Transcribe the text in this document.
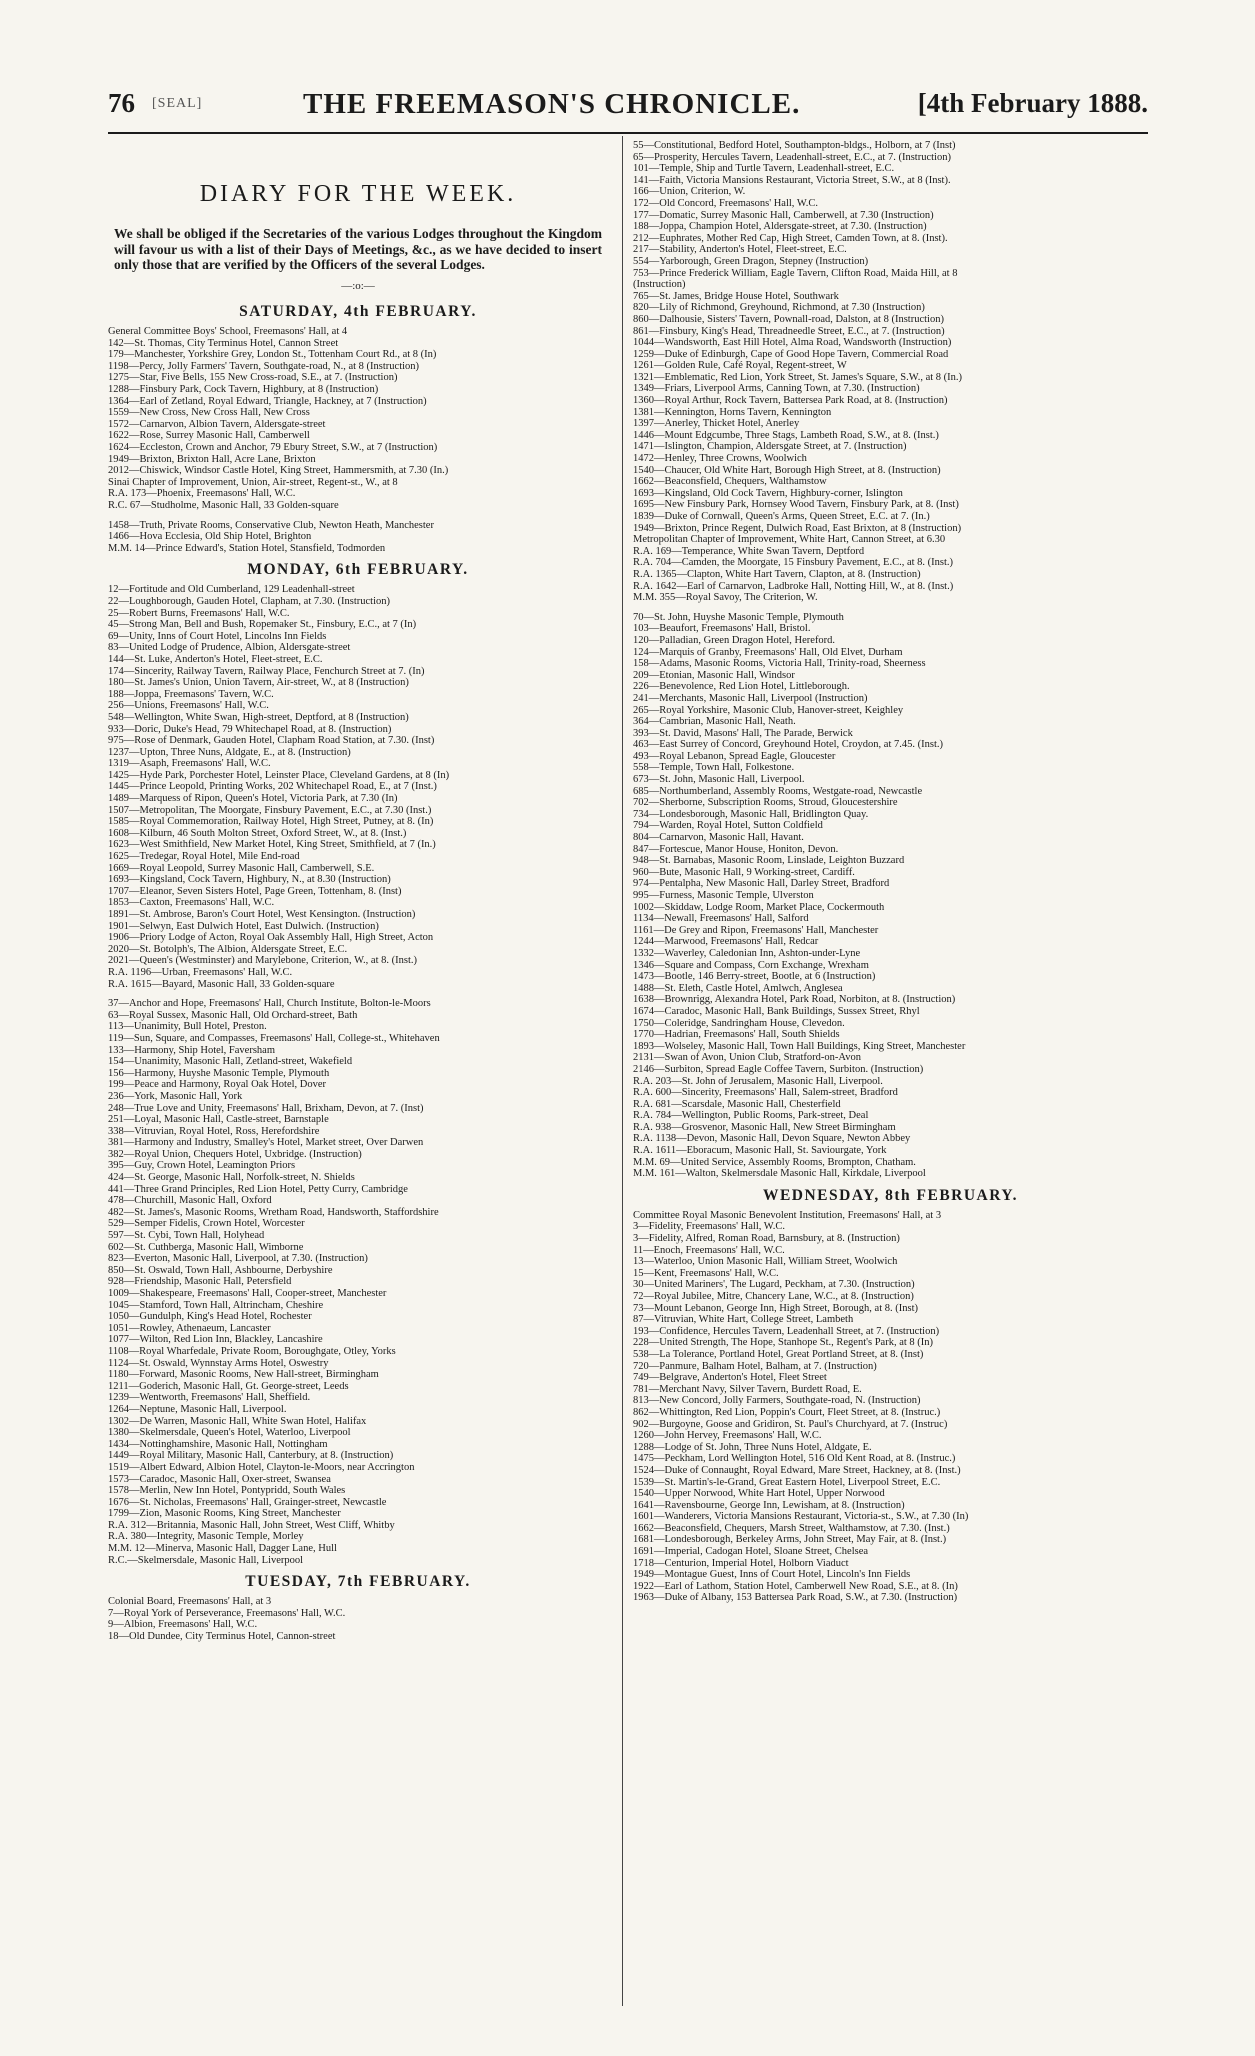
76 [SEAL]	THE FREEMASON'S CHRONICLE.	[4th February 1888.
DIARY FOR THE WEEK.
We shall be obliged if the Secretaries of the various Lodges throughout the Kingdom will favour us with a list of their Days of Meetings, &c., as we have decided to insert only those that are verified by the Officers of the several Lodges.
—:o:—
SATURDAY, 4th FEBRUARY.
General Committee Boys' School, Freemasons' Hall, at 4
142—St. Thomas, City Terminus Hotel, Cannon Street
179—Manchester, Yorkshire Grey, London St., Tottenham Court Rd., at 8 (In)
1198—Percy, Jolly Farmers' Tavern, Southgate-road, N., at 8 (Instruction)
1275—Star, Five Bells, 155 New Cross-road, S.E., at 7. (Instruction)
1288—Finsbury Park, Cock Tavern, Highbury, at 8 (Instruction)
1364—Earl of Zetland, Royal Edward, Triangle, Hackney, at 7 (Instruction)
1559—New Cross, New Cross Hall, New Cross
1572—Carnarvon, Albion Tavern, Aldersgate-street
1622—Rose, Surrey Masonic Hall, Camberwell
1624—Eccleston, Crown and Anchor, 79 Ebury Street, S.W., at 7 (Instruction)
1949—Brixton, Brixton Hall, Acre Lane, Brixton
2012—Chiswick, Windsor Castle Hotel, King Street, Hammersmith, at 7.30 (In.)
Sinai Chapter of Improvement, Union, Air-street, Regent-st., W., at 8
R.A. 173—Phoenix, Freemasons' Hall, W.C.
R.C. 67—Studholme, Masonic Hall, 33 Golden-square
1458—Truth, Private Rooms, Conservative Club, Newton Heath, Manchester
1466—Hova Ecclesia, Old Ship Hotel, Brighton
M.M. 14—Prince Edward's, Station Hotel, Stansfield, Todmorden
MONDAY, 6th FEBRUARY.
12—Fortitude and Old Cumberland, 129 Leadenhall-street
22—Loughborough, Gauden Hotel, Clapham, at 7.30. (Instruction)
25—Robert Burns, Freemasons' Hall, W.C.
45—Strong Man, Bell and Bush, Ropemaker St., Finsbury, E.C., at 7 (In)
69—Unity, Inns of Court Hotel, Lincolns Inn Fields
83—United Lodge of Prudence, Albion, Aldersgate-street
144—St. Luke, Anderton's Hotel, Fleet-street, E.C.
174—Sincerity, Railway Tavern, Railway Place, Fenchurch Street at 7. (In)
180—St. James's Union, Union Tavern, Air-street, W., at 8 (Instruction)
188—Joppa, Freemasons' Tavern, W.C.
256—Unions, Freemasons' Hall, W.C.
548—Wellington, White Swan, High-street, Deptford, at 8 (Instruction)
933—Doric, Duke's Head, 79 Whitechapel Road, at 8. (Instruction)
975—Rose of Denmark, Gauden Hotel, Clapham Road Station, at 7.30. (Inst)
1237—Upton, Three Nuns, Aldgate, E., at 8. (Instruction)
1319—Asaph, Freemasons' Hall, W.C.
1425—Hyde Park, Porchester Hotel, Leinster Place, Cleveland Gardens, at 8 (In)
1445—Prince Leopold, Printing Works, 202 Whitechapel Road, E., at 7 (Inst.)
1489—Marquess of Ripon, Queen's Hotel, Victoria Park, at 7.30 (In)
1507—Metropolitan, The Moorgate, Finsbury Pavement, E.C., at 7.30 (Inst.)
1585—Royal Commemoration, Railway Hotel, High Street, Putney, at 8. (In)
1608—Kilburn, 46 South Molton Street, Oxford Street, W., at 8. (Inst.)
1623—West Smithfield, New Market Hotel, King Street, Smithfield, at 7 (In.)
1625—Tredegar, Royal Hotel, Mile End-road
1669—Royal Leopold, Surrey Masonic Hall, Camberwell, S.E.
1693—Kingsland, Cock Tavern, Highbury, N., at 8.30 (Instruction)
1707—Eleanor, Seven Sisters Hotel, Page Green, Tottenham, 8. (Inst)
1853—Caxton, Freemasons' Hall, W.C.
1891—St. Ambrose, Baron's Court Hotel, West Kensington. (Instruction)
1901—Selwyn, East Dulwich Hotel, East Dulwich. (Instruction)
1906—Priory Lodge of Acton, Royal Oak Assembly Hall, High Street, Acton
2020—St. Botolph's, The Albion, Aldersgate Street, E.C.
2021—Queen's (Westminster) and Marylebone, Criterion, W., at 8. (Inst.)
R.A. 1196—Urban, Freemasons' Hall, W.C.
R.A. 1615—Bayard, Masonic Hall, 33 Golden-square
37—Anchor and Hope, Freemasons' Hall, Church Institute, Bolton-le-Moors
63—Royal Sussex, Masonic Hall, Old Orchard-street, Bath
113—Unanimity, Bull Hotel, Preston.
119—Sun, Square, and Compasses, Freemasons' Hall, College-st., Whitehaven
133—Harmony, Ship Hotel, Faversham
154—Unanimity, Masonic Hall, Zetland-street, Wakefield
156—Harmony, Huyshe Masonic Temple, Plymouth
199—Peace and Harmony, Royal Oak Hotel, Dover
236—York, Masonic Hall, York
248—True Love and Unity, Freemasons' Hall, Brixham, Devon, at 7. (Inst)
251—Loyal, Masonic Hall, Castle-street, Barnstaple
338—Vitruvian, Royal Hotel, Ross, Herefordshire
381—Harmony and Industry, Smalley's Hotel, Market street, Over Darwen
382—Royal Union, Chequers Hotel, Uxbridge. (Instruction)
395—Guy, Crown Hotel, Leamington Priors
424—St. George, Masonic Hall, Norfolk-street, N. Shields
441—Three Grand Principles, Red Lion Hotel, Petty Curry, Cambridge
478—Churchill, Masonic Hall, Oxford
482—St. James's, Masonic Rooms, Wretham Road, Handsworth, Staffordshire
529—Semper Fidelis, Crown Hotel, Worcester
597—St. Cybi, Town Hall, Holyhead
602—St. Cuthberga, Masonic Hall, Wimborne
823—Everton, Masonic Hall, Liverpool, at 7.30. (Instruction)
850—St. Oswald, Town Hall, Ashbourne, Derbyshire
928—Friendship, Masonic Hall, Petersfield
1009—Shakespeare, Freemasons' Hall, Cooper-street, Manchester
1045—Stamford, Town Hall, Altrincham, Cheshire
1050—Gundulph, King's Head Hotel, Rochester
1051—Rowley, Athenaeum, Lancaster
1077—Wilton, Red Lion Inn, Blackley, Lancashire
1108—Royal Wharfedale, Private Room, Boroughgate, Otley, Yorks
1124—St. Oswald, Wynnstay Arms Hotel, Oswestry
1180—Forward, Masonic Rooms, New Hall-street, Birmingham
1211—Goderich, Masonic Hall, Gt. George-street, Leeds
1239—Wentworth, Freemasons' Hall, Sheffield.
1264—Neptune, Masonic Hall, Liverpool.
1302—De Warren, Masonic Hall, White Swan Hotel, Halifax
1380—Skelmersdale, Queen's Hotel, Waterloo, Liverpool
1434—Nottinghamshire, Masonic Hall, Nottingham
1449—Royal Military, Masonic Hall, Canterbury, at 8. (Instruction)
1519—Albert Edward, Albion Hotel, Clayton-le-Moors, near Accrington
1573—Caradoc, Masonic Hall, Oxer-street, Swansea
1578—Merlin, New Inn Hotel, Pontypridd, South Wales
1676—St. Nicholas, Freemasons' Hall, Grainger-street, Newcastle
1799—Zion, Masonic Rooms, King Street, Manchester
R.A. 312—Britannia, Masonic Hall, John Street, West Cliff, Whitby
R.A. 380—Integrity, Masonic Temple, Morley
M.M. 12—Minerva, Masonic Hall, Dagger Lane, Hull
R.C.—Skelmersdale, Masonic Hall, Liverpool
TUESDAY, 7th FEBRUARY.
Colonial Board, Freemasons' Hall, at 3
7—Royal York of Perseverance, Freemasons' Hall, W.C.
9—Albion, Freemasons' Hall, W.C.
18—Old Dundee, City Terminus Hotel, Cannon-street
55—Constitutional, Bedford Hotel, Southampton-bldgs., Holborn, at 7 (Inst)
65—Prosperity, Hercules Tavern, Leadenhall-street, E.C., at 7. (Instruction)
101—Temple, Ship and Turtle Tavern, Leadenhall-street, E.C.
141—Faith, Victoria Mansions Restaurant, Victoria Street, S.W., at 8 (Inst).
166—Union, Criterion, W.
172—Old Concord, Freemasons' Hall, W.C.
177—Domatic, Surrey Masonic Hall, Camberwell, at 7.30 (Instruction)
188—Joppa, Champion Hotel, Aldersgate-street, at 7.30. (Instruction)
212—Euphrates, Mother Red Cap, High Street, Camden Town, at 8. (Inst).
217—Stability, Anderton's Hotel, Fleet-street, E.C.
554—Yarborough, Green Dragon, Stepney (Instruction)
753—Prince Frederick William, Eagle Tavern, Clifton Road, Maida Hill, at 8
(Instruction)
765—St. James, Bridge House Hotel, Southwark
820—Lily of Richmond, Greyhound, Richmond, at 7.30 (Instruction)
860—Dalhousie, Sisters' Tavern, Pownall-road, Dalston, at 8 (Instruction)
861—Finsbury, King's Head, Threadneedle Street, E.C., at 7. (Instruction)
1044—Wandsworth, East Hill Hotel, Alma Road, Wandsworth (Instruction)
1259—Duke of Edinburgh, Cape of Good Hope Tavern, Commercial Road
1261—Golden Rule, Café Royal, Regent-street, W
1321—Emblematic, Red Lion, York Street, St. James's Square, S.W., at 8 (In.)
1349—Friars, Liverpool Arms, Canning Town, at 7.30. (Instruction)
1360—Royal Arthur, Rock Tavern, Battersea Park Road, at 8. (Instruction)
1381—Kennington, Horns Tavern, Kennington
1397—Anerley, Thicket Hotel, Anerley
1446—Mount Edgcumbe, Three Stags, Lambeth Road, S.W., at 8. (Inst.)
1471—Islington, Champion, Aldersgate Street, at 7. (Instruction)
1472—Henley, Three Crowns, Woolwich
1540—Chaucer, Old White Hart, Borough High Street, at 8. (Instruction)
1662—Beaconsfield, Chequers, Walthamstow
1693—Kingsland, Old Cock Tavern, Highbury-corner, Islington
1695—New Finsbury Park, Hornsey Wood Tavern, Finsbury Park, at 8. (Inst)
1839—Duke of Cornwall, Queen's Arms, Queen Street, E.C. at 7. (In.)
1949—Brixton, Prince Regent, Dulwich Road, East Brixton, at 8 (Instruction)
Metropolitan Chapter of Improvement, White Hart, Cannon Street, at 6.30
R.A. 169—Temperance, White Swan Tavern, Deptford
R.A. 704—Camden, the Moorgate, 15 Finsbury Pavement, E.C., at 8. (Inst.)
R.A. 1365—Clapton, White Hart Tavern, Clapton, at 8. (Instruction)
R.A. 1642—Earl of Carnarvon, Ladbroke Hall, Notting Hill, W., at 8. (Inst.)
M.M. 355—Royal Savoy, The Criterion, W.
70—St. John, Huyshe Masonic Temple, Plymouth
103—Beaufort, Freemasons' Hall, Bristol.
120—Palladian, Green Dragon Hotel, Hereford.
124—Marquis of Granby, Freemasons' Hall, Old Elvet, Durham
158—Adams, Masonic Rooms, Victoria Hall, Trinity-road, Sheerness
209—Etonian, Masonic Hall, Windsor
226—Benevolence, Red Lion Hotel, Littleborough.
241—Merchants, Masonic Hall, Liverpool (Instruction)
265—Royal Yorkshire, Masonic Club, Hanover-street, Keighley
364—Cambrian, Masonic Hall, Neath.
393—St. David, Masons' Hall, The Parade, Berwick
463—East Surrey of Concord, Greyhound Hotel, Croydon, at 7.45. (Inst.)
493—Royal Lebanon, Spread Eagle, Gloucester
558—Temple, Town Hall, Folkestone.
673—St. John, Masonic Hall, Liverpool.
685—Northumberland, Assembly Rooms, Westgate-road, Newcastle
702—Sherborne, Subscription Rooms, Stroud, Gloucestershire
734—Londesborough, Masonic Hall, Bridlington Quay.
794—Warden, Royal Hotel, Sutton Coldfield
804—Carnarvon, Masonic Hall, Havant.
847—Fortescue, Manor House, Honiton, Devon.
948—St. Barnabas, Masonic Room, Linslade, Leighton Buzzard
960—Bute, Masonic Hall, 9 Working-street, Cardiff.
974—Pentalpha, New Masonic Hall, Darley Street, Bradford
995—Furness, Masonic Temple, Ulverston
1002—Skiddaw, Lodge Room, Market Place, Cockermouth
1134—Newall, Freemasons' Hall, Salford
1161—De Grey and Ripon, Freemasons' Hall, Manchester
1244—Marwood, Freemasons' Hall, Redcar
1332—Waverley, Caledonian Inn, Ashton-under-Lyne
1346—Square and Compass, Corn Exchange, Wrexham
1473—Bootle, 146 Berry-street, Bootle, at 6 (Instruction)
1488—St. Eleth, Castle Hotel, Amlwch, Anglesea
1638—Brownrigg, Alexandra Hotel, Park Road, Norbiton, at 8. (Instruction)
1674—Caradoc, Masonic Hall, Bank Buildings, Sussex Street, Rhyl
1750—Coleridge, Sandringham House, Clevedon.
1770—Hadrian, Freemasons' Hall, South Shields
1893—Wolseley, Masonic Hall, Town Hall Buildings, King Street, Manchester
2131—Swan of Avon, Union Club, Stratford-on-Avon
2146—Surbiton, Spread Eagle Coffee Tavern, Surbiton. (Instruction)
R.A. 203—St. John of Jerusalem, Masonic Hall, Liverpool.
R.A. 600—Sincerity, Freemasons' Hall, Salem-street, Bradford
R.A. 681—Scarsdale, Masonic Hall, Chesterfield
R.A. 784—Wellington, Public Rooms, Park-street, Deal
R.A. 938—Grosvenor, Masonic Hall, New Street Birmingham
R.A. 1138—Devon, Masonic Hall, Devon Square, Newton Abbey
R.A. 1611—Eboracum, Masonic Hall, St. Saviourgate, York
M.M. 69—United Service, Assembly Rooms, Brompton, Chatham.
M.M. 161—Walton, Skelmersdale Masonic Hall, Kirkdale, Liverpool
WEDNESDAY, 8th FEBRUARY.
Committee Royal Masonic Benevolent Institution, Freemasons' Hall, at 3
3—Fidelity, Freemasons' Hall, W.C.
3—Fidelity, Alfred, Roman Road, Barnsbury, at 8. (Instruction)
11—Enoch, Freemasons' Hall, W.C.
13—Waterloo, Union Masonic Hall, William Street, Woolwich
15—Kent, Freemasons' Hall, W.C.
30—United Mariners', The Lugard, Peckham, at 7.30. (Instruction)
72—Royal Jubilee, Mitre, Chancery Lane, W.C., at 8. (Instruction)
73—Mount Lebanon, George Inn, High Street, Borough, at 8. (Inst)
87—Vitruvian, White Hart, College Street, Lambeth
193—Confidence, Hercules Tavern, Leadenhall Street, at 7. (Instruction)
228—United Strength, The Hope, Stanhope St., Regent's Park, at 8 (In)
538—La Tolerance, Portland Hotel, Great Portland Street, at 8. (Inst)
720—Panmure, Balham Hotel, Balham, at 7. (Instruction)
749—Belgrave, Anderton's Hotel, Fleet Street
781—Merchant Navy, Silver Tavern, Burdett Road, E.
813—New Concord, Jolly Farmers, Southgate-road, N. (Instruction)
862—Whittington, Red Lion, Poppin's Court, Fleet Street, at 8. (Instruc.)
902—Burgoyne, Goose and Gridiron, St. Paul's Churchyard, at 7. (Instruc)
1260—John Hervey, Freemasons' Hall, W.C.
1288—Lodge of St. John, Three Nuns Hotel, Aldgate, E.
1475—Peckham, Lord Wellington Hotel, 516 Old Kent Road, at 8. (Instruc.)
1524—Duke of Connaught, Royal Edward, Mare Street, Hackney, at 8. (Inst.)
1539—St. Martin's-le-Grand, Great Eastern Hotel, Liverpool Street, E.C.
1540—Upper Norwood, White Hart Hotel, Upper Norwood
1641—Ravensbourne, George Inn, Lewisham, at 8. (Instruction)
1601—Wanderers, Victoria Mansions Restaurant, Victoria-st., S.W., at 7.30 (In)
1662—Beaconsfield, Chequers, Marsh Street, Walthamstow, at 7.30. (Inst.)
1681—Londesborough, Berkeley Arms, John Street, May Fair, at 8. (Inst.)
1691—Imperial, Cadogan Hotel, Sloane Street, Chelsea
1718—Centurion, Imperial Hotel, Holborn Viaduct
1949—Montague Guest, Inns of Court Hotel, Lincoln's Inn Fields
1922—Earl of Lathom, Station Hotel, Camberwell New Road, S.E., at 8. (In)
1963—Duke of Albany, 153 Battersea Park Road, S.W., at 7.30. (Instruction)
